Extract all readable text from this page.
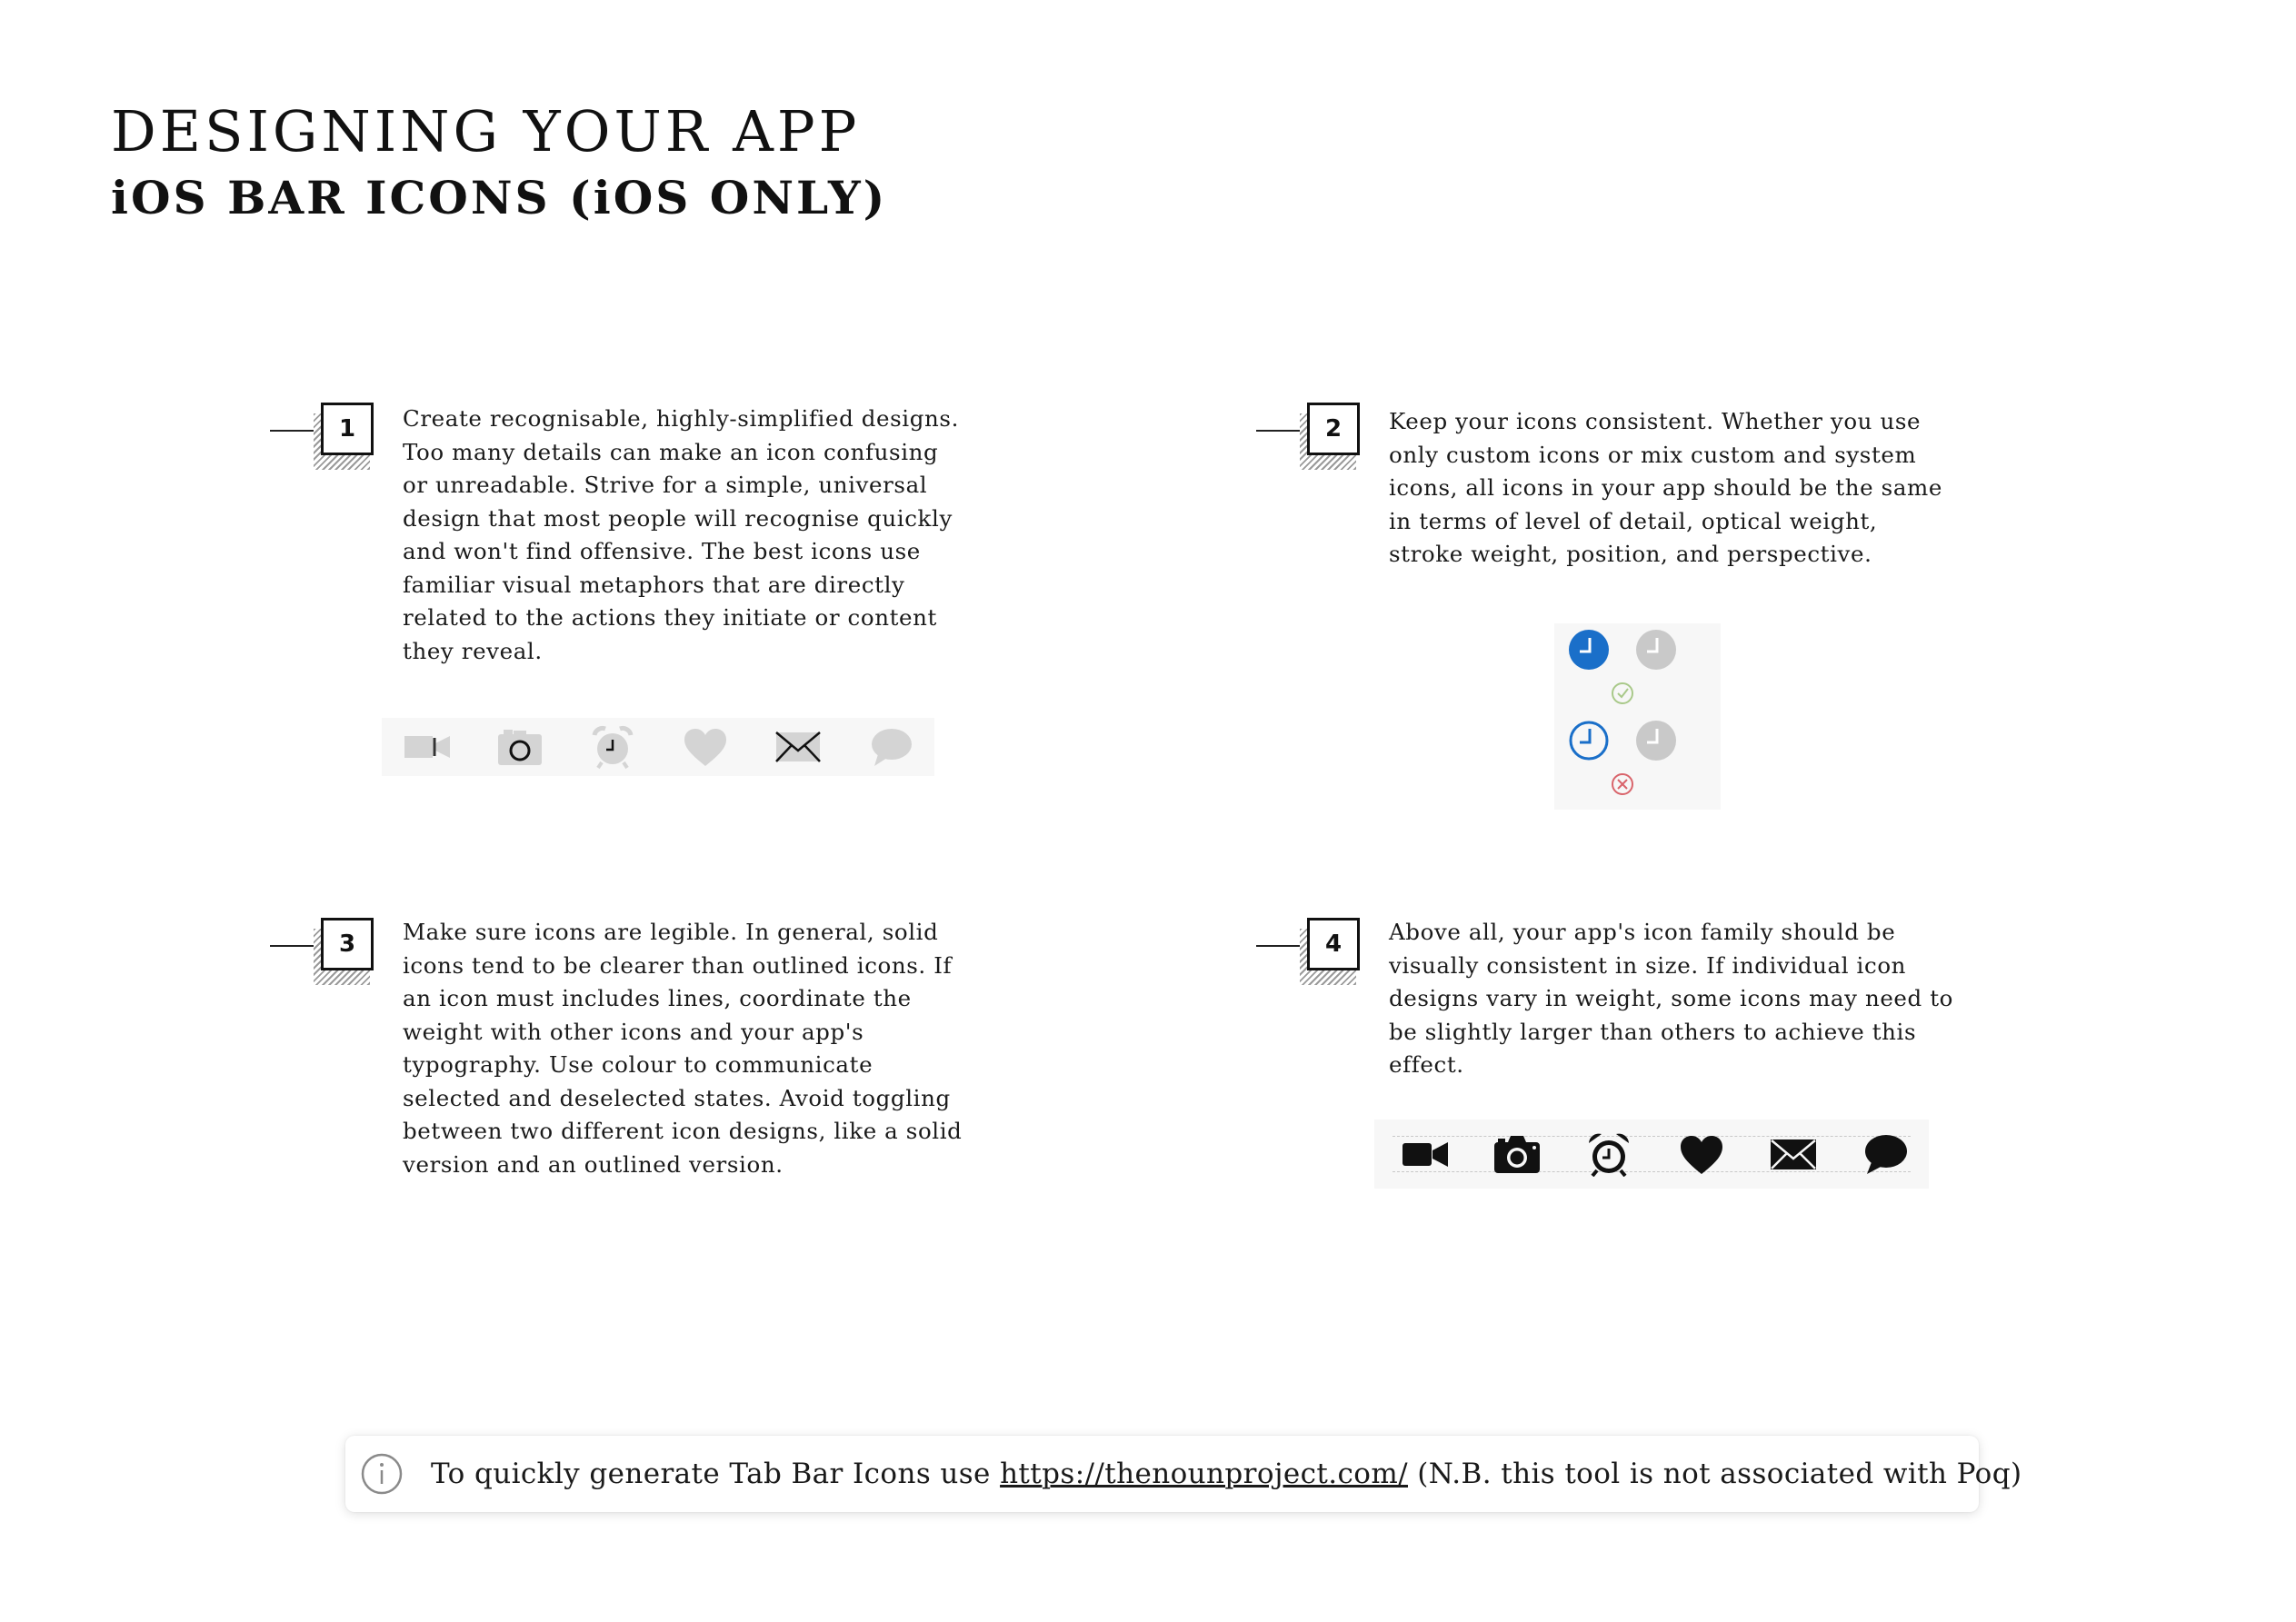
DESIGNING YOUR APP
iOS BAR ICONS (iOS ONLY)
1	Create recognisable, highly-simplified designs.
Too many details can make an icon confusing
or unreadable. Strive for a simple, universal
design that most people will recognise quickly
and won't find offensive. The best icons use
familiar visual metaphors that are directly
related to the actions they initiate or content
they reveal.

2	Keep your icons consistent. Whether you use
only custom icons or mix custom and system
icons, all icons in your app should be the same
in terms of level of detail, optical weight,
stroke weight, position, and perspective.

3	Make sure icons are legible. In general, solid
icons tend to be clearer than outlined icons. If
an icon must includes lines, coordinate the
weight with other icons and your app's
typography. Use colour to communicate
selected and deselected states. Avoid toggling
between two different icon designs, like a solid
version and an outlined version.

4	Above all, your app's icon family should be
visually consistent in size. If individual icon
designs vary in weight, some icons may need to
be slightly larger than others to achieve this
effect.

To quickly generate Tab Bar Icons use https://thenounproject.com/ (N.B. this tool is not associated with Poq)
